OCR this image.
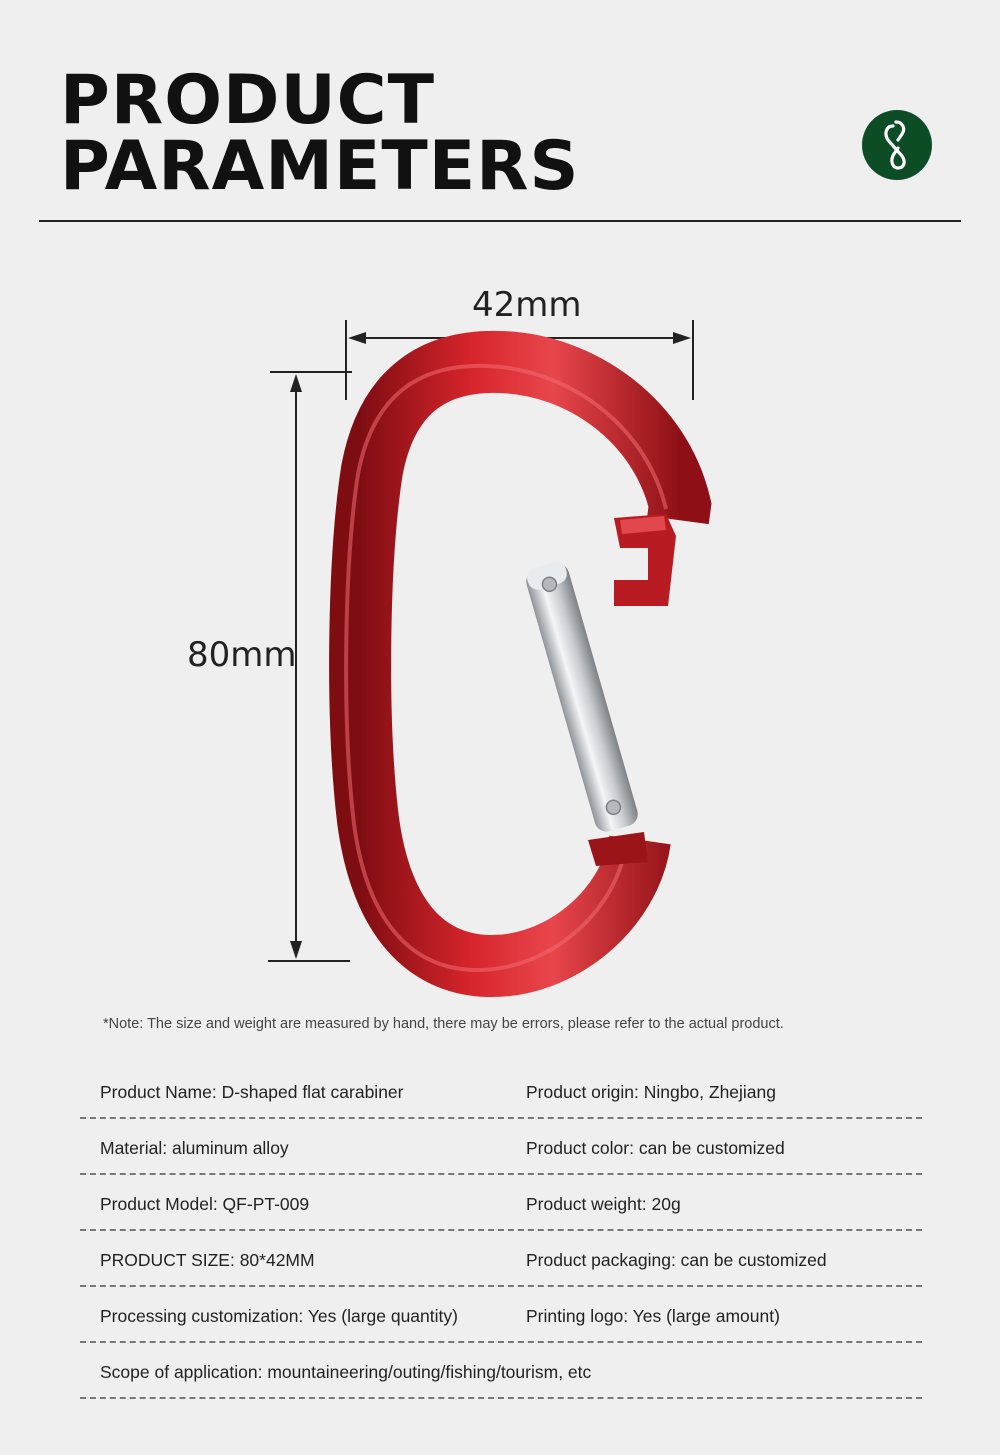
PRODUCT
PARAMETERS
42mm
80mm
*Note: The size and weight are measured by hand, there may be errors, please refer to the actual product.
Product Name: D-shaped flat carabiner	Product origin: Ningbo, Zhejiang
Material: aluminum alloy	Product color: can be customized
Product Model: QF-PT-009	Product weight: 20g
PRODUCT SIZE: 80*42MM	Product packaging: can be customized
Processing customization: Yes (large quantity)	Printing logo: Yes (large amount)
Scope of application: mountaineering/outing/fishing/tourism, etc
